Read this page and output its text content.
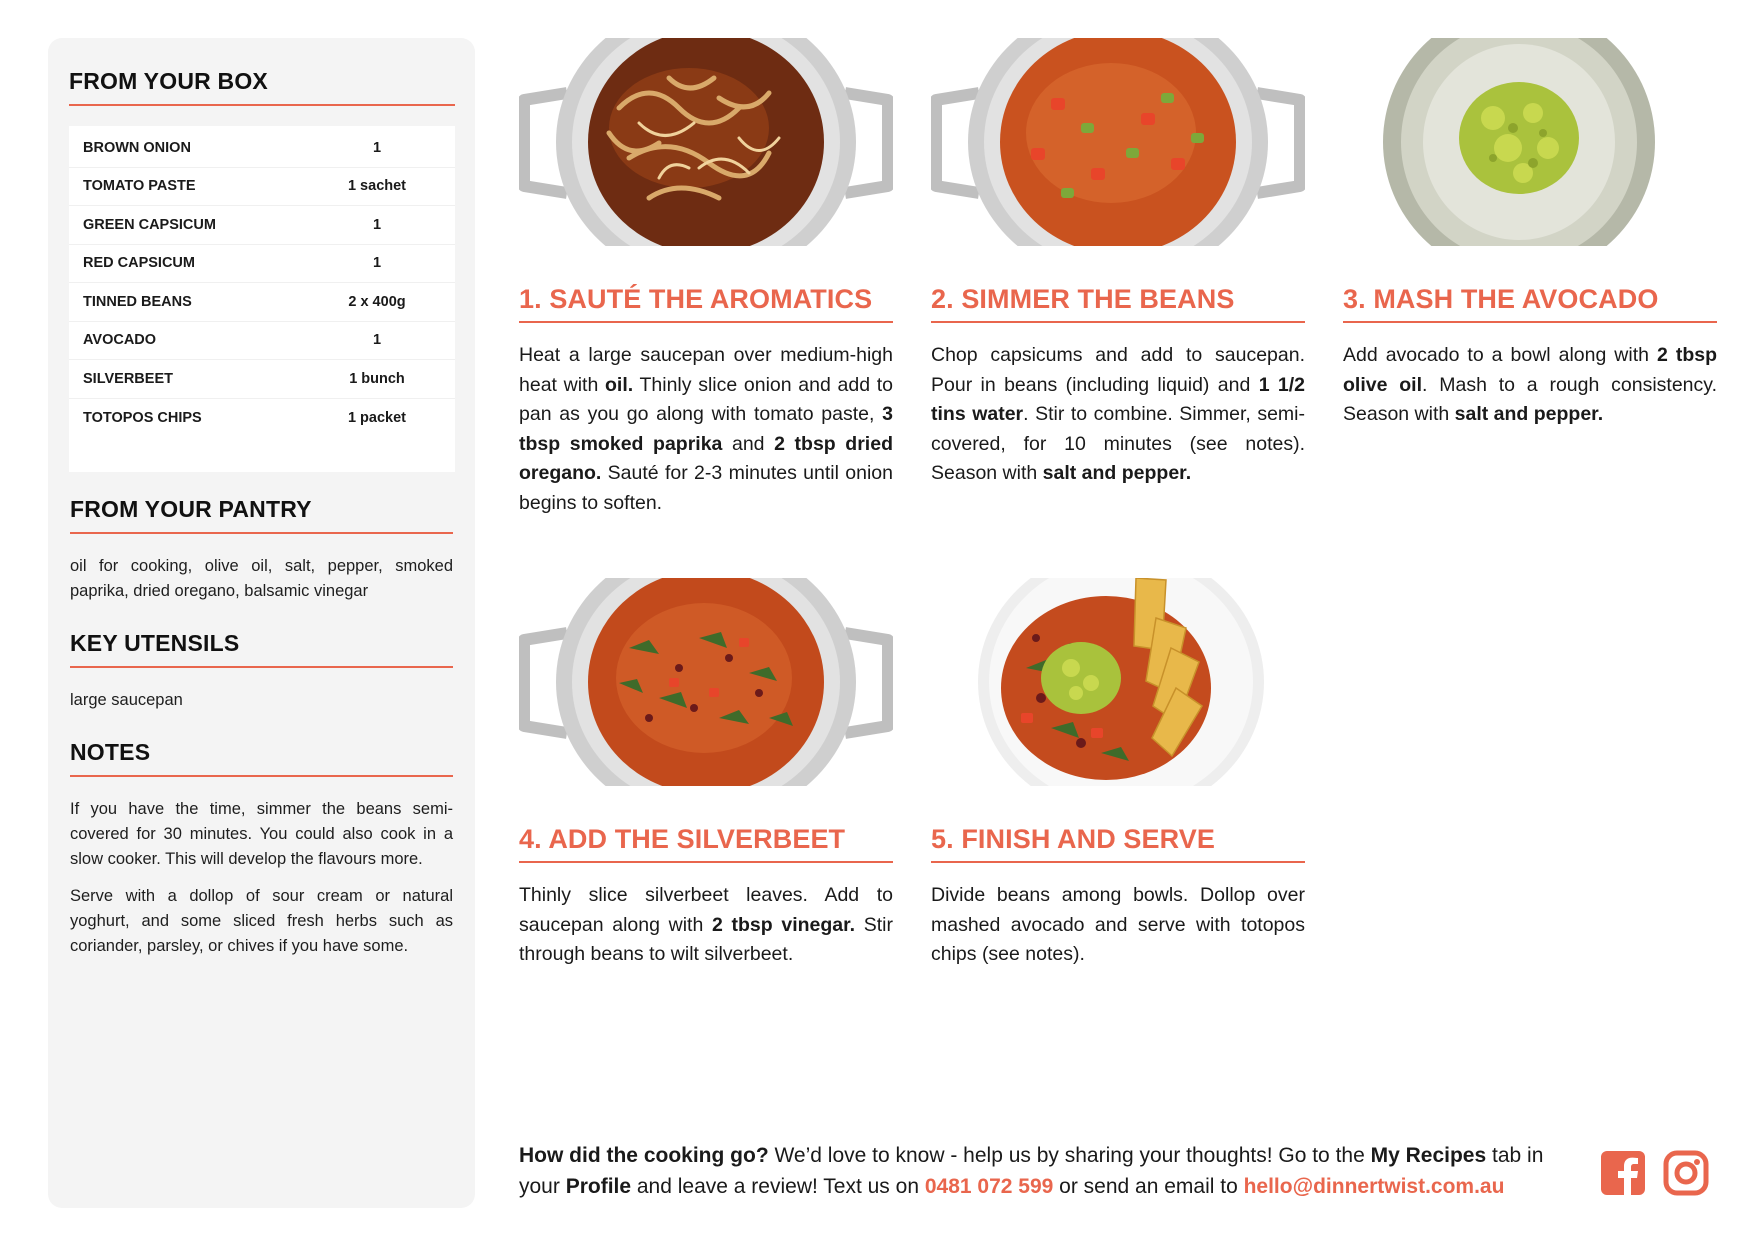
FROM YOUR BOX
BROWN ONION	1
TOMATO PASTE	1 sachet
GREEN CAPSICUM	1
RED CAPSICUM	1
TINNED BEANS	2 x 400g
AVOCADO	1
SILVERBEET	1 bunch
TOTOPOS CHIPS	1 packet
FROM YOUR PANTRY

oil for cooking, olive oil, salt, pepper, smoked paprika, dried oregano, balsamic vinegar

KEY UTENSILS

large saucepan

NOTES

If you have the time, simmer the beans semi-covered for 30 minutes. You could also cook in a slow cooker. This will develop the flavours more.

Serve with a dollop of sour cream or natural yoghurt, and some sliced fresh herbs such as coriander, parsley, or chives if you have some.

1. SAUTÉ THE AROMATICS

Heat a large saucepan over medium-high heat with oil. Thinly slice onion and add to pan as you go along with tomato paste, 3 tbsp smoked paprika and 2 tbsp dried oregano. Sauté for 2-3 minutes until onion begins to soften.

2. SIMMER THE BEANS

Chop capsicums and add to saucepan. Pour in beans (including liquid) and 1 1/2 tins water. Stir to combine. Simmer, semi-covered, for 10 minutes (see notes). Season with salt and pepper.

3. MASH THE AVOCADO

Add avocado to a bowl along with 2 tbsp olive oil. Mash to a rough consistency. Season with salt and pepper.

4. ADD THE SILVERBEET

Thinly slice silverbeet leaves. Add to saucepan along with 2 tbsp vinegar. Stir through beans to wilt silverbeet.

5. FINISH AND SERVE

Divide beans among bowls. Dollop over mashed avocado and serve with totopos chips (see notes).

How did the cooking go? We’d love to know - help us by sharing your thoughts! Go to the My Recipes tab in your Profile and leave a review! Text us on 0481 072 599 or send an email to hello@dinnertwist.com.au
